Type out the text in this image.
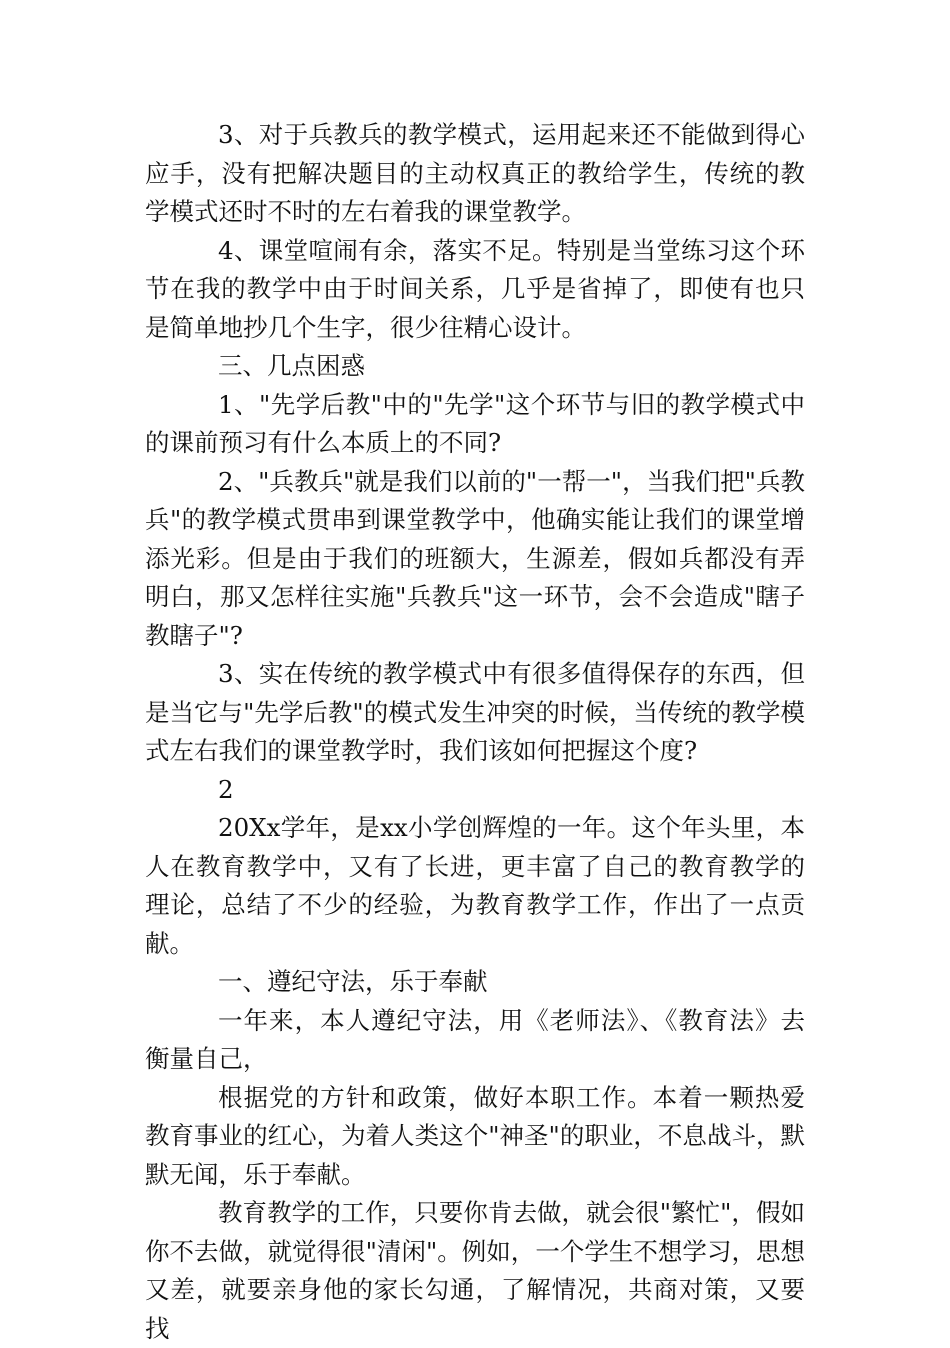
3、对于兵教兵的教学模式，运用起来还不能做到得心应手，没有把解决题目的主动权真正的教给学生，传统的教学模式还时不时的左右着我的课堂教学。

4、课堂喧闹有余，落实不足。特别是当堂练习这个环节在我的教学中由于时间关系，几乎是省掉了，即使有也只是简单地抄几个生字，很少往精心设计。

三、几点困惑

1、"先学后教"中的"先学"这个环节与旧的教学模式中的课前预习有什么本质上的不同?

2、"兵教兵"就是我们以前的"一帮一"，当我们把"兵教兵"的教学模式贯串到课堂教学中，他确实能让我们的课堂增添光彩。但是由于我们的班额大，生源差，假如兵都没有弄明白，那又怎样往实施"兵教兵"这一环节，会不会造成"瞎子教瞎子"?

3、实在传统的教学模式中有很多值得保存的东西，但是当它与"先学后教"的模式发生冲突的时候，当传统的教学模式左右我们的课堂教学时，我们该如何把握这个度?

2

20Xx学年，是xx小学创辉煌的一年。这个年头里，本人在教育教学中，又有了长进，更丰富了自己的教育教学的理论，总结了不少的经验，为教育教学工作，作出了一点贡献。

一、遵纪守法，乐于奉献

一年来，本人遵纪守法，用《老师法》、《教育法》去衡量自己，

根据党的方针和政策，做好本职工作。本着一颗热爱教育事业的红心，为着人类这个"神圣"的职业，不息战斗，默默无闻，乐于奉献。

教育教学的工作，只要你肯去做，就会很"繁忙"，假如你不去做，就觉得很"清闲"。例如，一个学生不想学习，思想又差，就要亲身他的家长勾通，了解情况，共商对策，又要找
